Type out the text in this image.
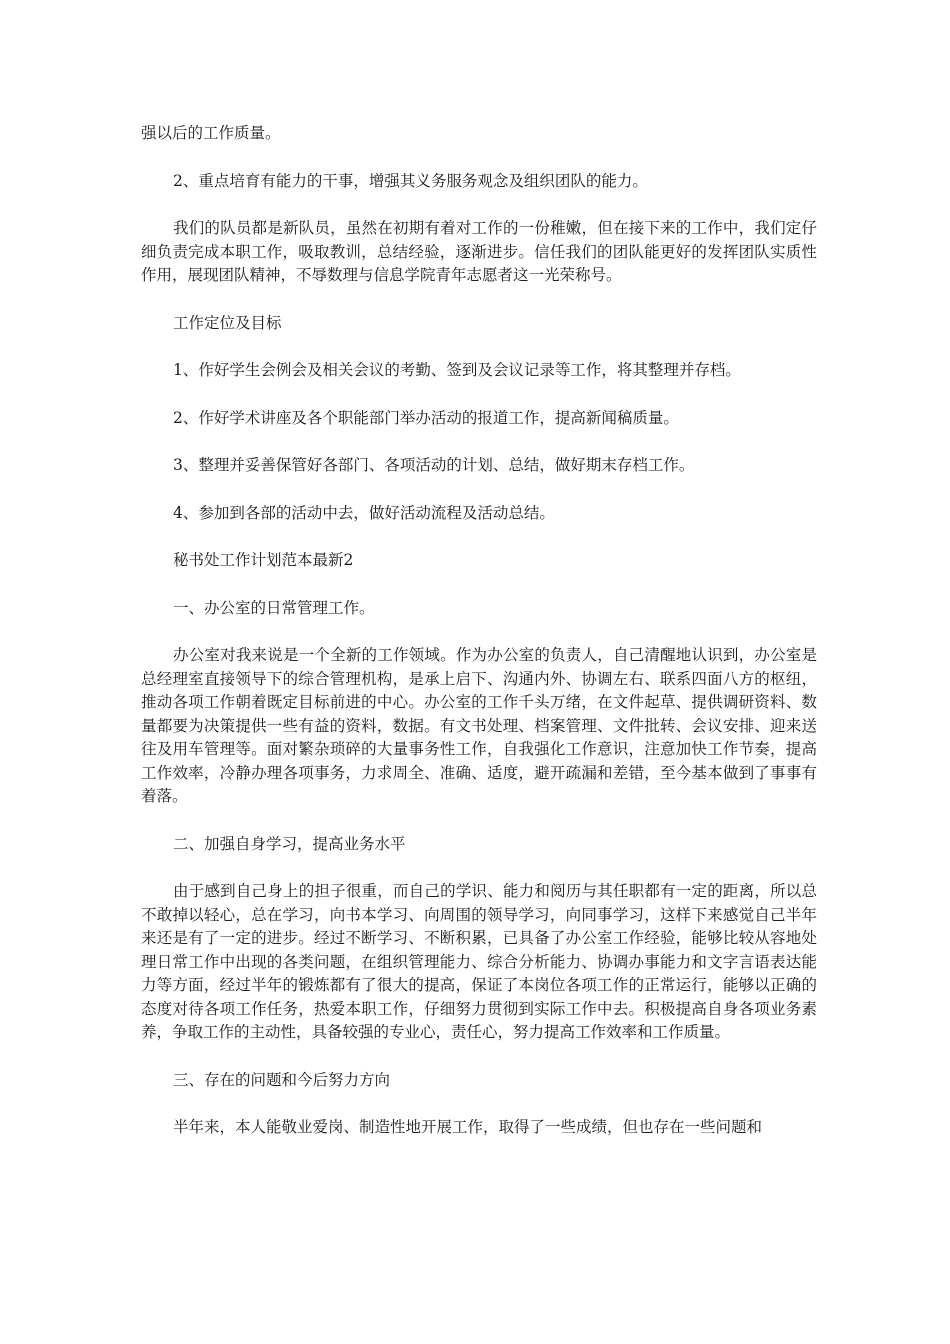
强以后的工作质量。

2、重点培育有能力的干事，增强其义务服务观念及组织团队的能力。

我们的队员都是新队员，虽然在初期有着对工作的一份稚嫩，但在接下来的工作中，我们定仔细负责完成本职工作，吸取教训，总结经验，逐渐进步。信任我们的团队能更好的发挥团队实质性作用，展现团队精神，不辱数理与信息学院青年志愿者这一光荣称号。

工作定位及目标

1、作好学生会例会及相关会议的考勤、签到及会议记录等工作，将其整理并存档。

2、作好学术讲座及各个职能部门举办活动的报道工作，提高新闻稿质量。

3、整理并妥善保管好各部门、各项活动的计划、总结，做好期末存档工作。

4、参加到各部的活动中去，做好活动流程及活动总结。

秘书处工作计划范本最新2

一、办公室的日常管理工作。

办公室对我来说是一个全新的工作领域。作为办公室的负责人，自己清醒地认识到，办公室是总经理室直接领导下的综合管理机构，是承上启下、沟通内外、协调左右、联系四面八方的枢纽，推动各项工作朝着既定目标前进的中心。办公室的工作千头万绪，在文件起草、提供调研资料、数量都要为决策提供一些有益的资料，数据。有文书处理、档案管理、文件批转、会议安排、迎来送往及用车管理等。面对繁杂琐碎的大量事务性工作，自我强化工作意识，注意加快工作节奏，提高工作效率，冷静办理各项事务，力求周全、准确、适度，避开疏漏和差错，至今基本做到了事事有着落。

二、加强自身学习，提高业务水平

由于感到自己身上的担子很重，而自己的学识、能力和阅历与其任职都有一定的距离，所以总不敢掉以轻心，总在学习，向书本学习、向周围的领导学习，向同事学习，这样下来感觉自己半年来还是有了一定的进步。经过不断学习、不断积累，已具备了办公室工作经验，能够比较从容地处理日常工作中出现的各类问题，在组织管理能力、综合分析能力、协调办事能力和文字言语表达能力等方面，经过半年的锻炼都有了很大的提高，保证了本岗位各项工作的正常运行，能够以正确的态度对待各项工作任务，热爱本职工作，仔细努力贯彻到实际工作中去。积极提高自身各项业务素养，争取工作的主动性，具备较强的专业心，责任心，努力提高工作效率和工作质量。

三、存在的问题和今后努力方向

半年来，本人能敬业爱岗、制造性地开展工作，取得了一些成绩，但也存在一些问题和
